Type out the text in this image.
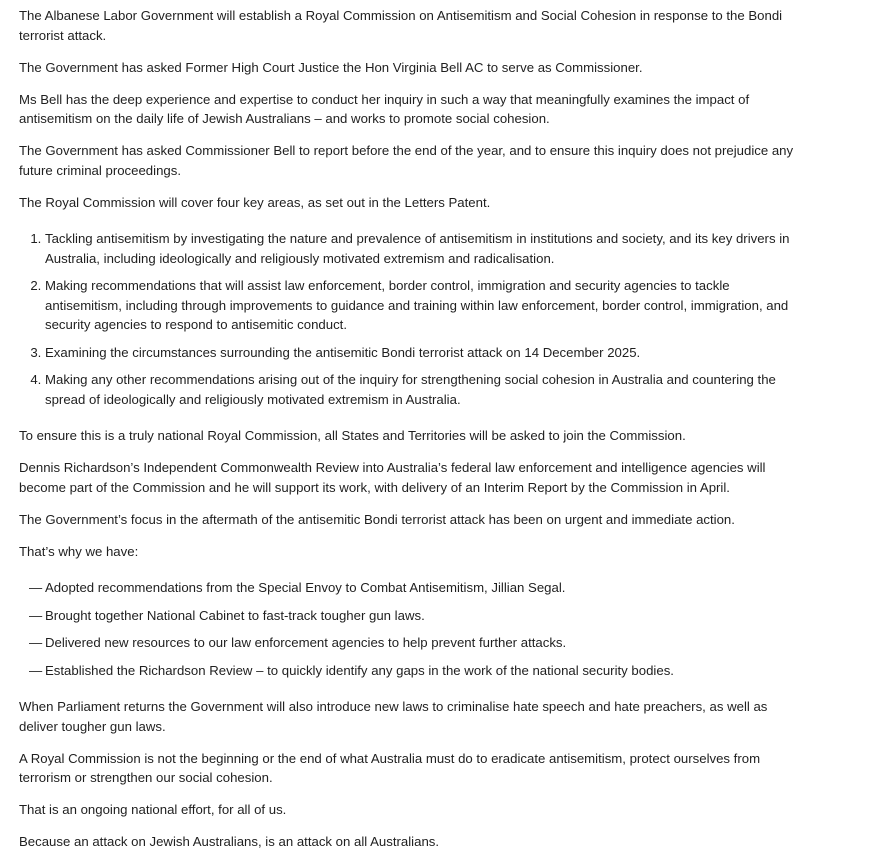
The Albanese Labor Government will establish a Royal Commission on Antisemitism and Social Cohesion in response to the Bondi terrorist attack.

The Government has asked Former High Court Justice the Hon Virginia Bell AC to serve as Commissioner.

Ms Bell has the deep experience and expertise to conduct her inquiry in such a way that meaningfully examines the impact of antisemitism on the daily life of Jewish Australians – and works to promote social cohesion.

The Government has asked Commissioner Bell to report before the end of the year, and to ensure this inquiry does not prejudice any future criminal proceedings.

The Royal Commission will cover four key areas, as set out in the Letters Patent.

1. Tackling antisemitism by investigating the nature and prevalence of antisemitism in institutions and society, and its key drivers in Australia, including ideologically and religiously motivated extremism and radicalisation.
2. Making recommendations that will assist law enforcement, border control, immigration and security agencies to tackle antisemitism, including through improvements to guidance and training within law enforcement, border control, immigration, and security agencies to respond to antisemitic conduct.
3. Examining the circumstances surrounding the antisemitic Bondi terrorist attack on 14 December 2025.
4. Making any other recommendations arising out of the inquiry for strengthening social cohesion in Australia and countering the spread of ideologically and religiously motivated extremism in Australia.

To ensure this is a truly national Royal Commission, all States and Territories will be asked to join the Commission.

Dennis Richardson’s Independent Commonwealth Review into Australia’s federal law enforcement and intelligence agencies will become part of the Commission and he will support its work, with delivery of an Interim Report by the Commission in April.

The Government’s focus in the aftermath of the antisemitic Bondi terrorist attack has been on urgent and immediate action.

That’s why we have:

— Adopted recommendations from the Special Envoy to Combat Antisemitism, Jillian Segal.
— Brought together National Cabinet to fast-track tougher gun laws.
— Delivered new resources to our law enforcement agencies to help prevent further attacks.
— Established the Richardson Review – to quickly identify any gaps in the work of the national security bodies.

When Parliament returns the Government will also introduce new laws to criminalise hate speech and hate preachers, as well as deliver tougher gun laws.

A Royal Commission is not the beginning or the end of what Australia must do to eradicate antisemitism, protect ourselves from terrorism or strengthen our social cohesion.

That is an ongoing national effort, for all of us.

Because an attack on Jewish Australians, is an attack on all Australians.
